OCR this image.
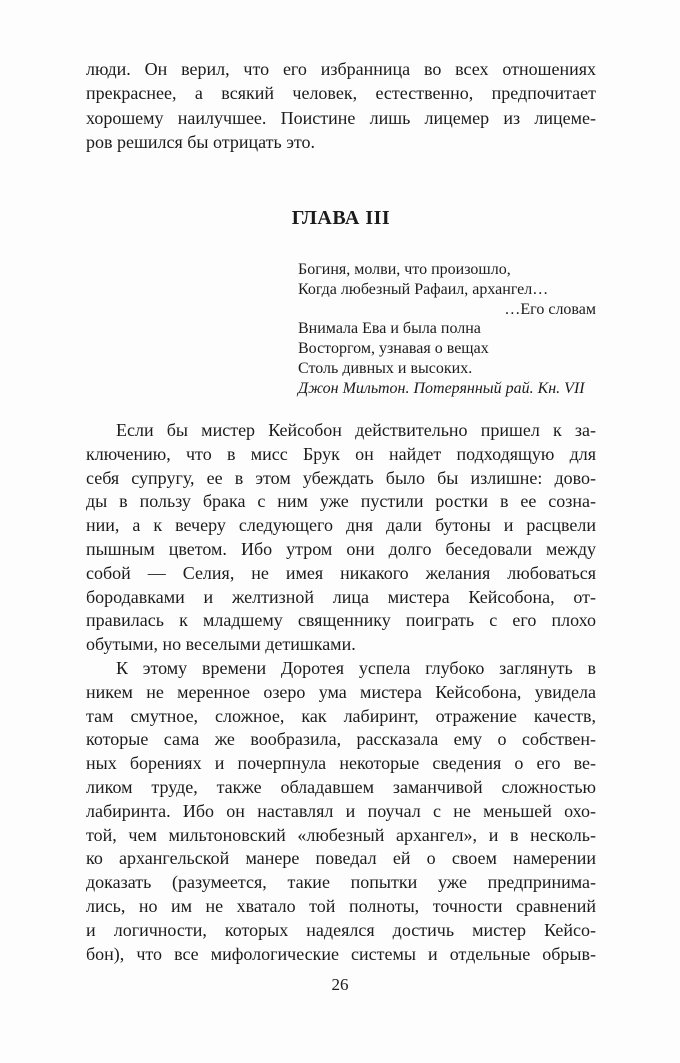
люди. Он верил, что его избранница во всех отношениях
прекраснее, а всякий человек, естественно, предпочитает
хорошему наилучшее. Поистине лишь лицемер из лицеме-
ров решился бы отрицать это.
ГЛАВА III
Богиня, молви, что произошло,
Когда любезный Рафаил, архангел…
…Его словам
Внимала Ева и была полна
Восторгом, узнавая о вещах
Столь дивных и высоких.
Джон Мильтон. Потерянный рай. Кн. VII
Если бы мистер Кейсобон действительно пришел к за-
ключению, что в мисс Брук он найдет подходящую для
себя супругу, ее в этом убеждать было бы излишне: дово-
ды в пользу брака с ним уже пустили ростки в ее созна-
нии, а к вечеру следующего дня дали бутоны и расцвели
пышным цветом. Ибо утром они долго беседовали между
собой — Селия, не имея никакого желания любоваться
бородавками и желтизной лица мистера Кейсобона, от-
правилась к младшему священнику поиграть с его плохо
обутыми, но веселыми детишками.
К этому времени Доротея успела глубоко заглянуть в
никем не меренное озеро ума мистера Кейсобона, увидела
там смутное, сложное, как лабиринт, отражение качеств,
которые сама же вообразила, рассказала ему о собствен-
ных борениях и почерпнула некоторые сведения о его ве-
ликом труде, также обладавшем заманчивой сложностью
лабиринта. Ибо он наставлял и поучал с не меньшей охо-
той, чем мильтоновский «любезный архангел», и в несколь-
ко архангельской манере поведал ей о своем намерении
доказать (разумеется, такие попытки уже предпринима-
лись, но им не хватало той полноты, точности сравнений
и логичности, которых надеялся достичь мистер Кейсо-
бон), что все мифологические системы и отдельные обрыв-
26
